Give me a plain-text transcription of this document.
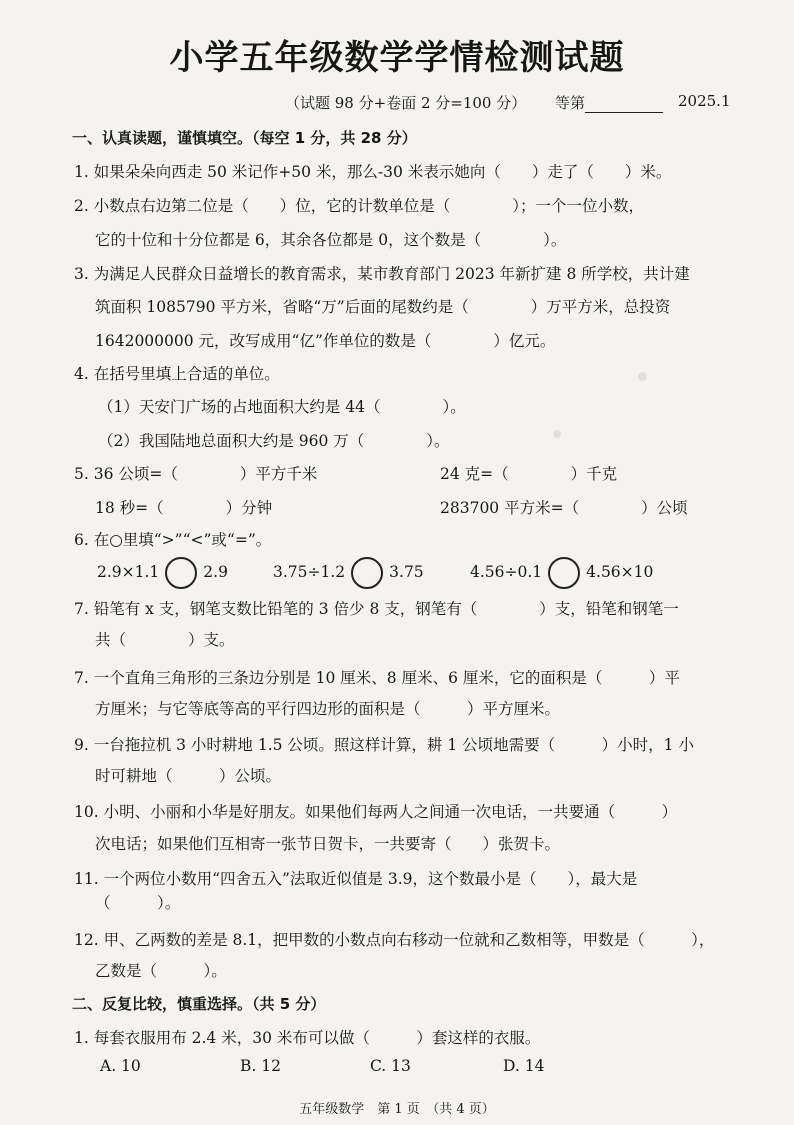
小学五年级数学学情检测试题
（试题 98 分+卷面 2 分=100 分） 等第	2025.1
一、认真读题，谨慎填空。（每空 1 分，共 28 分）
1. 如果朵朵向西走 50 米记作+50 米，那么-30 米表示她向（　　）走了（　　）米。
2. 小数点右边第二位是（　　）位，它的计数单位是（　　　　）；一个一位小数，
它的十位和十分位都是 6，其余各位都是 0，这个数是（　　　　）。
3. 为满足人民群众日益增长的教育需求，某市教育部门 2023 年新扩建 8 所学校，共计建
筑面积 1085790 平方米，省略“万”后面的尾数约是（　　　　）万平方米，总投资
1642000000 元，改写成用“亿”作单位的数是（　　　　）亿元。
4. 在括号里填上合适的单位。
（1）天安门广场的占地面积大约是 44（　　　　）。
（2）我国陆地总面积大约是 960 万（　　　　）。
5. 36 公顷=（　　　　）平方千米	24 克=（　　　　）千克
18 秒=（　　　　）分钟	283700 平方米=（　　　　）公顷
6. 在○里填“>”“<”或“=”。
2.9×1.1	2.9	3.75÷1.2	3.75	4.56÷0.1	4.56×10
7. 铅笔有 x 支，钢笔支数比铅笔的 3 倍少 8 支，钢笔有（　　　　）支，铅笔和钢笔一
共（　　　　）支。
7. 一个直角三角形的三条边分别是 10 厘米、8 厘米、6 厘米，它的面积是（　　　）平
方厘米；与它等底等高的平行四边形的面积是（　　　）平方厘米。
9. 一台拖拉机 3 小时耕地 1.5 公顷。照这样计算，耕 1 公顷地需要（　　　）小时，1 小
时可耕地（　　　）公顷。
10. 小明、小丽和小华是好朋友。如果他们每两人之间通一次电话，一共要通（　　　）
次电话；如果他们互相寄一张节日贺卡，一共要寄（　　）张贺卡。
11. 一个两位小数用“四舍五入”法取近似值是 3.9，这个数最小是（　　），最大是
（　　　）。
12. 甲、乙两数的差是 8.1，把甲数的小数点向右移动一位就和乙数相等，甲数是（　　　），
乙数是（　　　）。
二、反复比较，慎重选择。（共 5 分）
1. 每套衣服用布 2.4 米，30 米布可以做（　　　）套这样的衣服。
A. 10	B. 12	C. 13	D. 14
五年级数学　第 1 页　（共 4 页）
